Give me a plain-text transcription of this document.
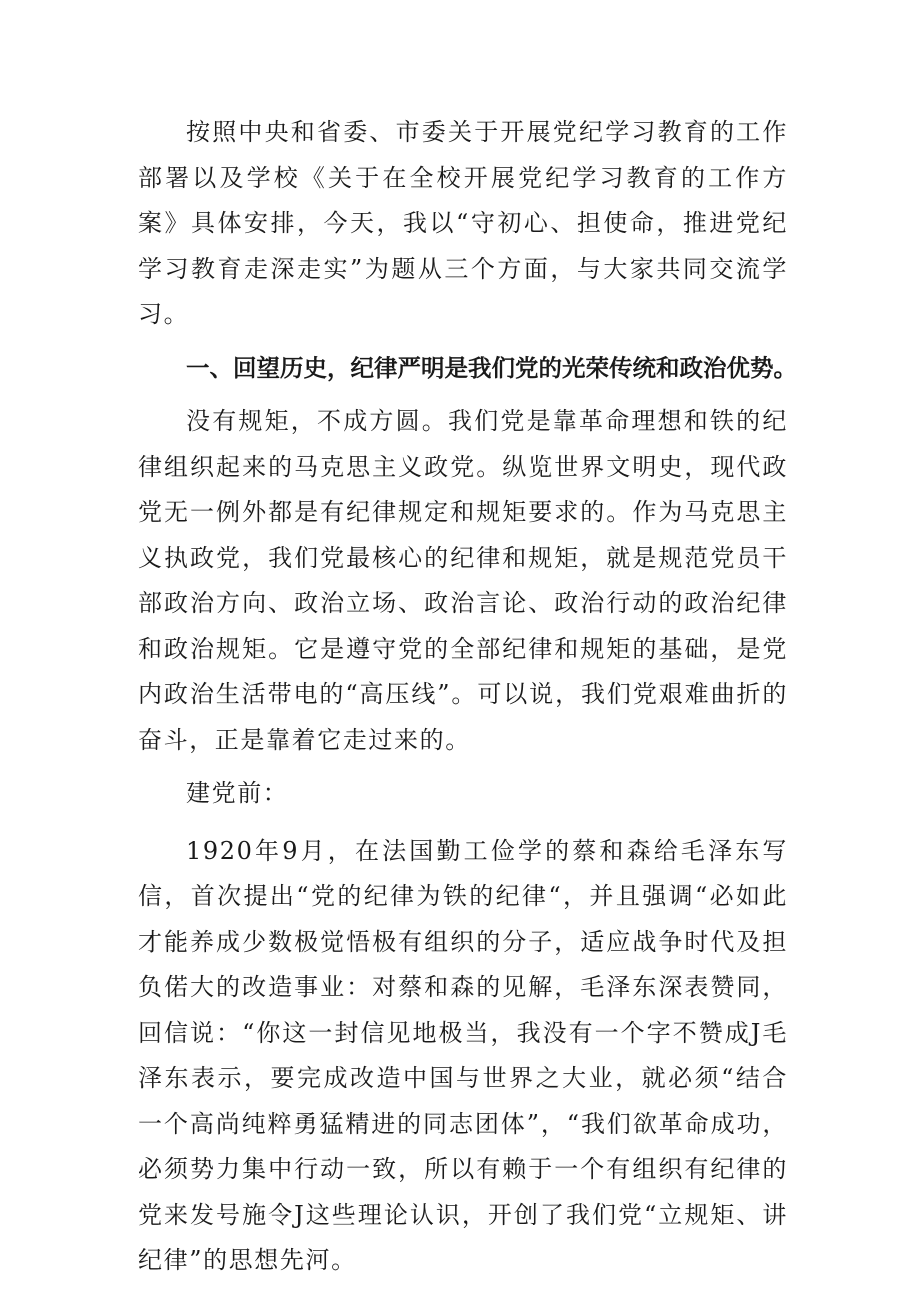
按照中央和省委、市委关于开展党纪学习教育的工作部署以及学校《关于在全校开展党纪学习教育的工作方案》具体安排，今天，我以“守初心、担使命，推进党纪学习教育走深走实”为题从三个方面，与大家共同交流学习。

一、回望历史，纪律严明是我们党的光荣传统和政治优势。

没有规矩，不成方圆。我们党是靠革命理想和铁的纪律组织起来的马克思主义政党。纵览世界文明史，现代政党无一例外都是有纪律规定和规矩要求的。作为马克思主义执政党，我们党最核心的纪律和规矩，就是规范党员干部政治方向、政治立场、政治言论、政治行动的政治纪律和政治规矩。它是遵守党的全部纪律和规矩的基础，是党内政治生活带电的“高压线”。可以说，我们党艰难曲折的奋斗，正是靠着它走过来的。

建党前：

1920年9月，在法国勤工俭学的蔡和森给毛泽东写信，首次提出“党的纪律为铁的纪律“，并且强调“必如此才能养成少数极觉悟极有组织的分子，适应战争时代及担负偌大的改造事业：对蔡和森的见解，毛泽东深表赞同，回信说：“你这一封信见地极当，我没有一个字不赞成J毛泽东表示，要完成改造中国与世界之大业，就必须“结合一个高尚纯粹勇猛精进的同志团体”，“我们欲革命成功，必须势力集中行动一致，所以有赖于一个有组织有纪律的党来发号施令J这些理论认识，开创了我们党“立规矩、讲纪律”的思想先河。
